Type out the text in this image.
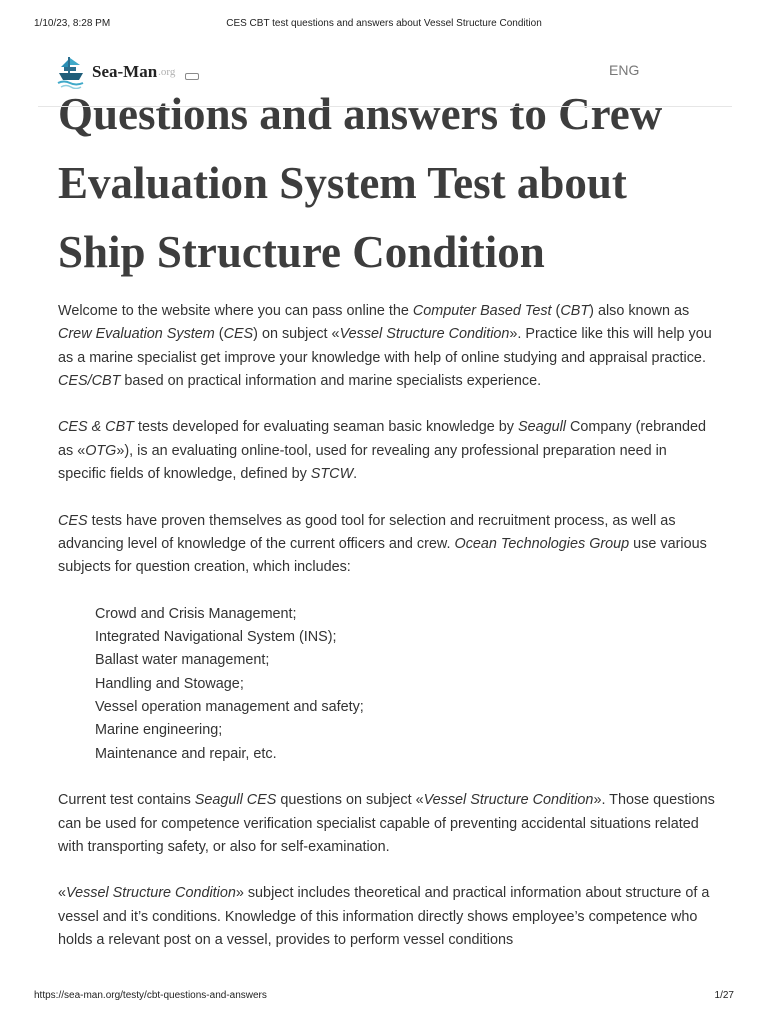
1/10/23, 8:28 PM	CES CBT test questions and answers about Vessel Structure Condition
Questions and answers to Crew Evaluation System Test about Ship Structure Condition
Sea-Man .org	ENG

Welcome to the website where you can pass online the Computer Based Test (CBT) also known as Crew Evaluation System (CES) on subject «Vessel Structure Condition». Practice like this will help you as a marine specialist get improve your knowledge with help of online studying and appraisal practice. CES/CBT based on practical information and marine specialists experience.

CES & CBT tests developed for evaluating seaman basic knowledge by Seagull Company (rebranded as «OTG»), is an evaluating online-tool, used for revealing any professional preparation need in specific fields of knowledge, defined by STCW.

CES tests have proven themselves as good tool for selection and recruitment process, as well as advancing level of knowledge of the current officers and crew. Ocean Technologies Group use various subjects for question creation, which includes:

Crowd and Crisis Management;
Integrated Navigational System (INS);
Ballast water management;
Handling and Stowage;
Vessel operation management and safety;
Marine engineering;
Maintenance and repair, etc.

Current test contains Seagull CES questions on subject «Vessel Structure Condition». Those questions can be used for competence verification specialist capable of preventing accidental situations related with transporting safety, or also for self-examination.

«Vessel Structure Condition» subject includes theoretical and practical information about structure of a vessel and it’s conditions. Knowledge of this information directly shows employee’s competence who holds a relevant post on a vessel, provides to perform vessel conditions

https://sea-man.org/testy/cbt-questions-and-answers	1/27
